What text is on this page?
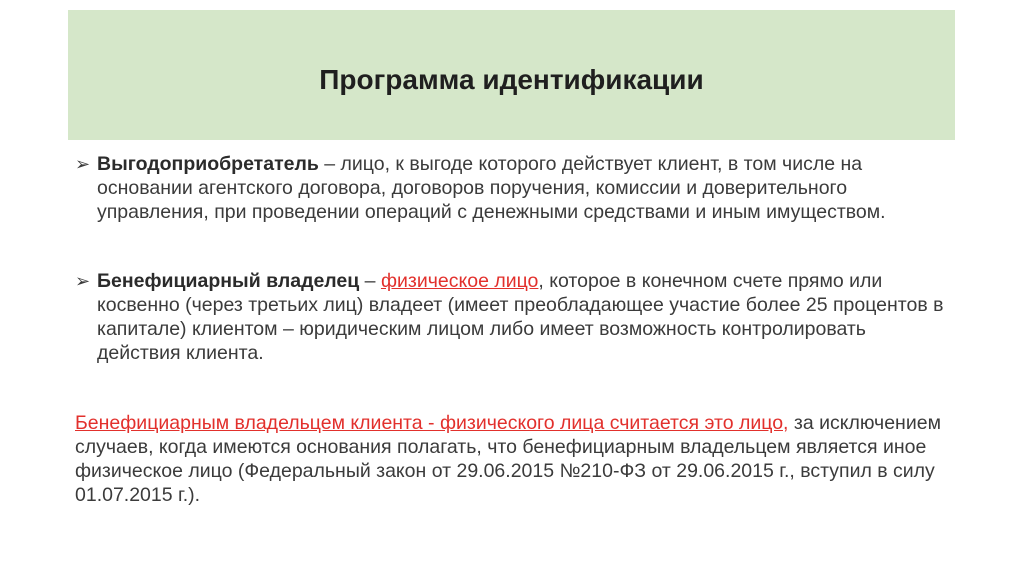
Программа идентификации

➢ Выгодоприобретатель – лицо, к выгоде которого действует клиент, в том числе на основании агентского договора, договоров поручения, комиссии и доверительного управления, при проведении операций с денежными средствами и иным имуществом.

➢ Бенефициарный владелец – физическое лицо, которое в конечном счете прямо или косвенно (через третьих лиц) владеет (имеет преобладающее участие более 25 процентов в капитале) клиентом – юридическим лицом либо имеет возможность контролировать действия клиента.

Бенефициарным владельцем клиента - физического лица считается это лицо, за исключением случаев, когда имеются основания полагать, что бенефициарным владельцем является иное физическое лицо (Федеральный закон от 29.06.2015 №210-ФЗ от 29.06.2015 г., вступил в силу 01.07.2015 г.).
